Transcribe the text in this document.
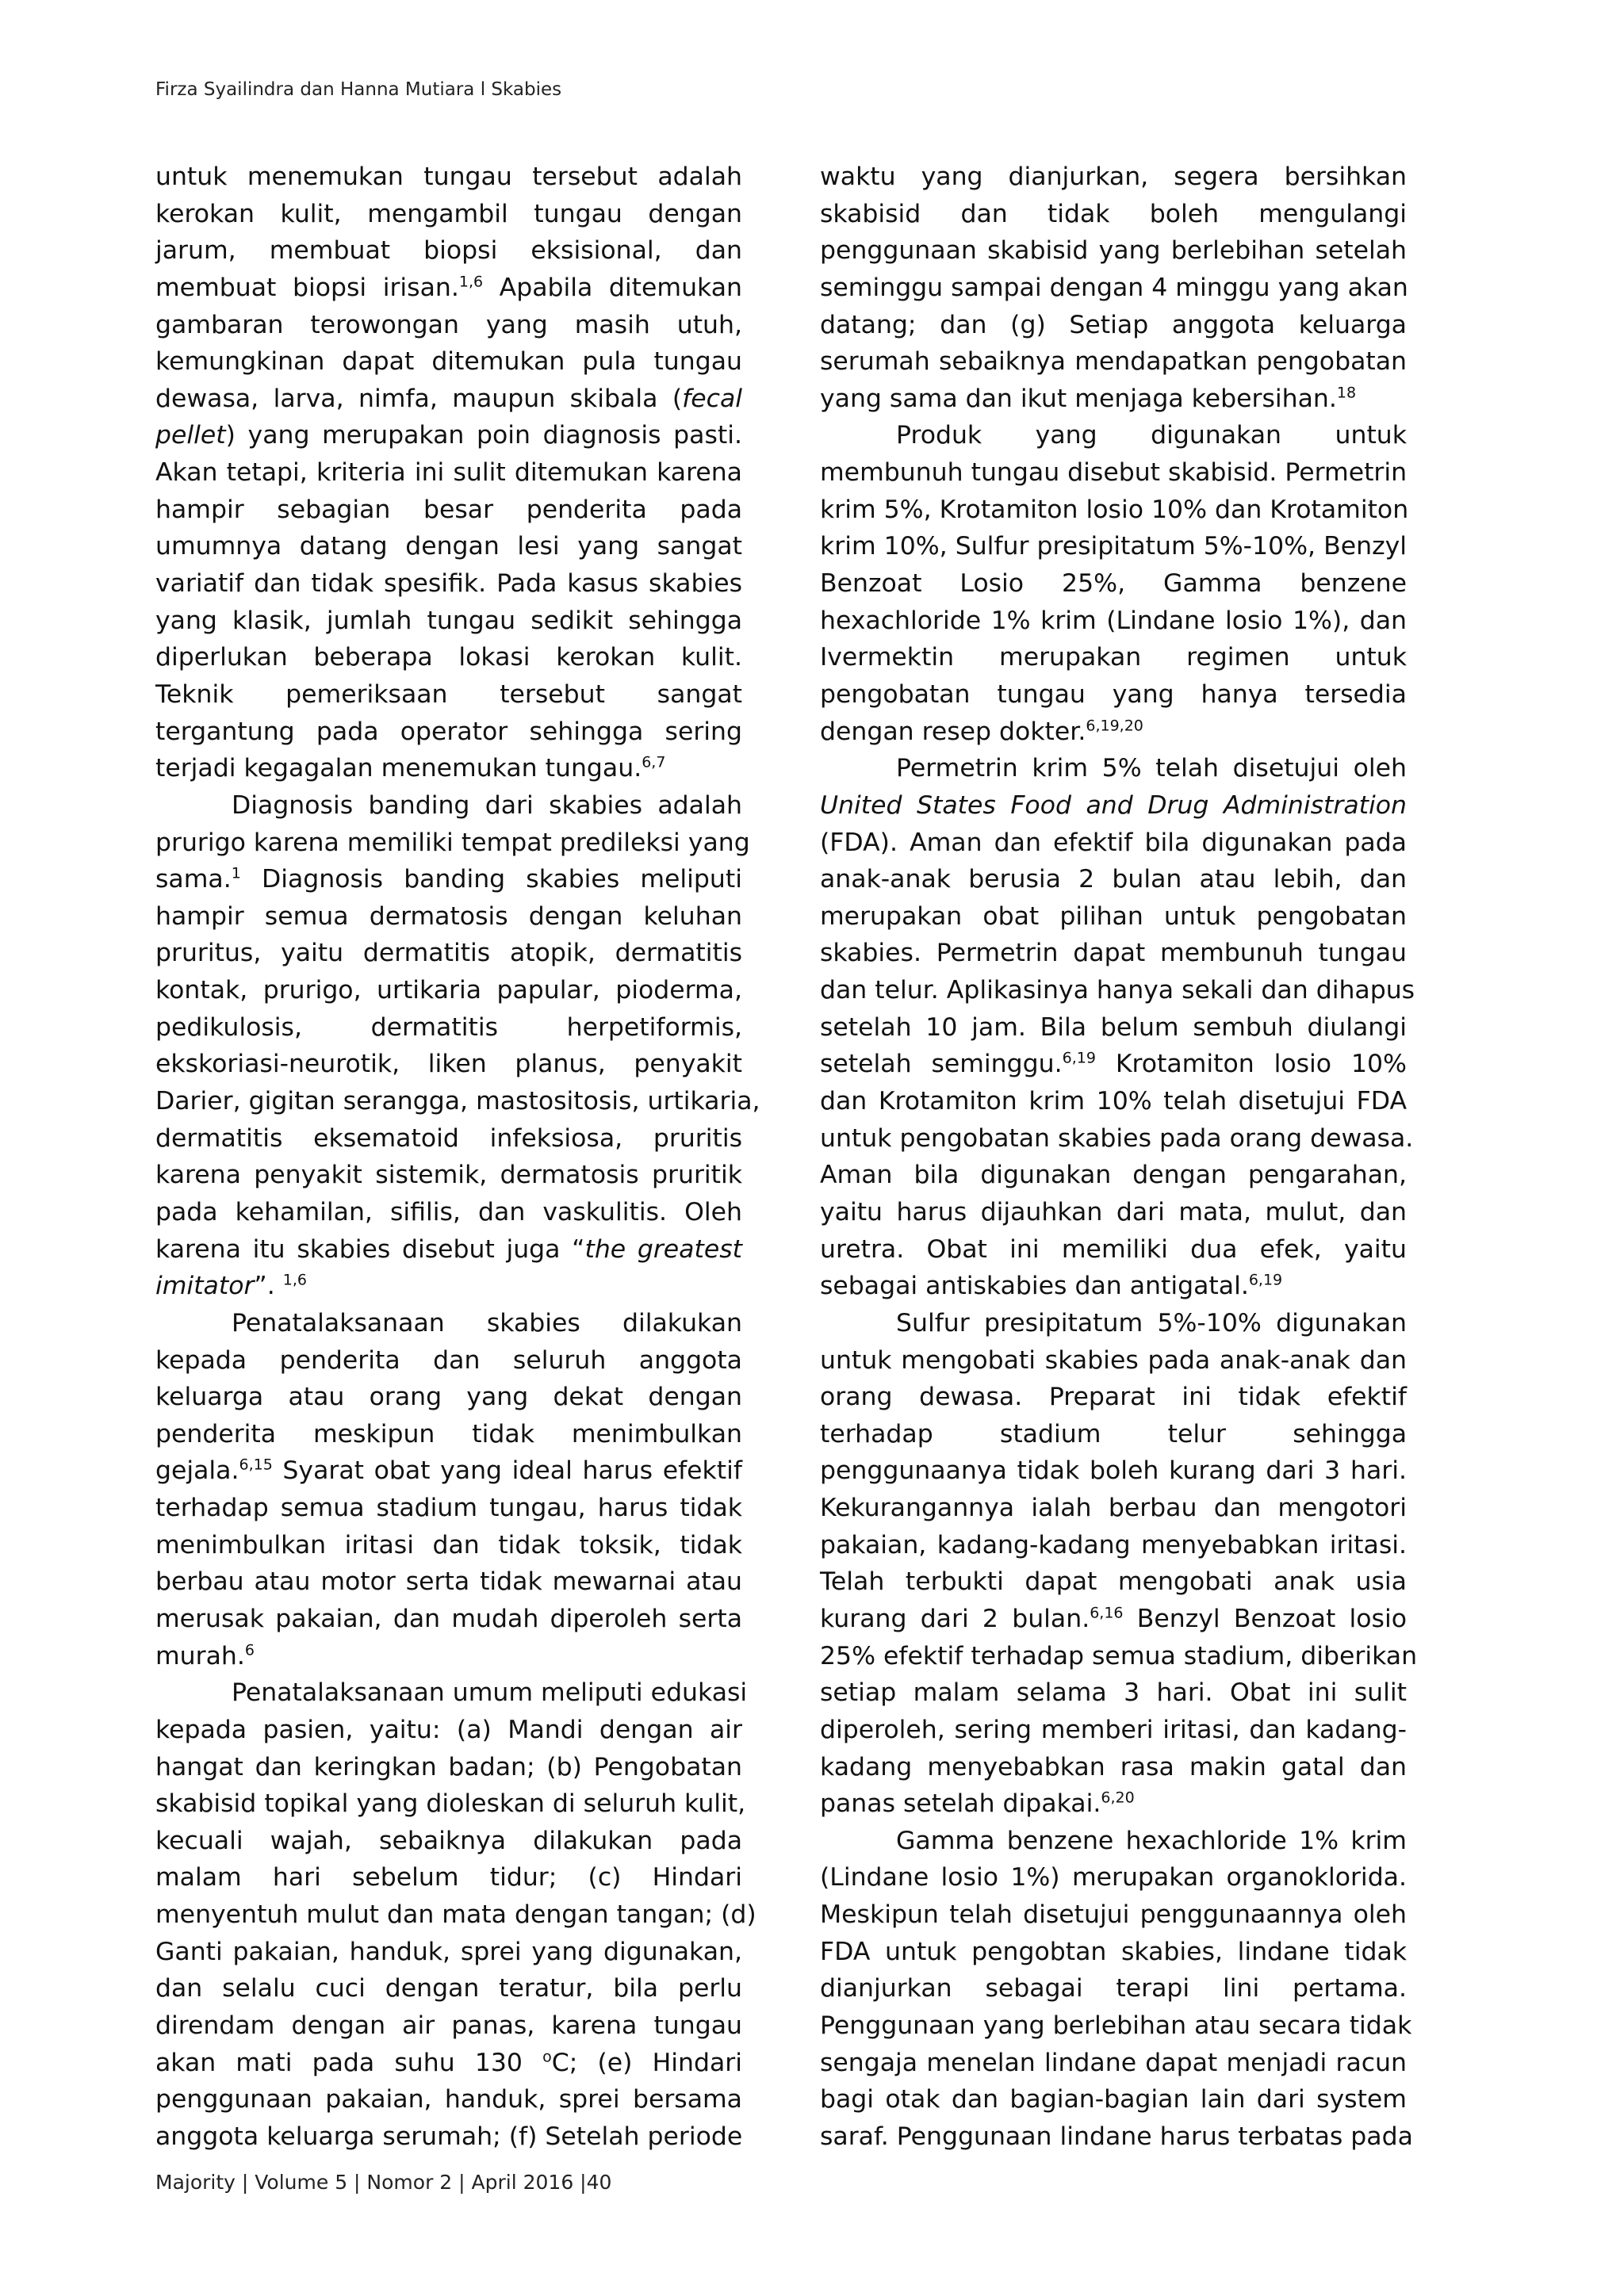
Firza Syailindra dan Hanna Mutiara l Skabies

untuk menemukan tungau tersebut adalah
kerokan kulit, mengambil tungau dengan
jarum, membuat biopsi eksisional, dan
membuat biopsi irisan.$^{1,6}$ Apabila ditemukan
gambaran terowongan yang masih utuh,
kemungkinan dapat ditemukan pula tungau
dewasa, larva, nimfa, maupun skibala (fecal
pellet) yang merupakan poin diagnosis pasti.
Akan tetapi, kriteria ini sulit ditemukan karena
hampir sebagian besar penderita pada
umumnya datang dengan lesi yang sangat
variatif dan tidak spesifik. Pada kasus skabies
yang klasik, jumlah tungau sedikit sehingga
diperlukan beberapa lokasi kerokan kulit.
Teknik pemeriksaan tersebut sangat
tergantung pada operator sehingga sering
terjadi kegagalan menemukan tungau.$^{6,7}$

Diagnosis banding dari skabies adalah
prurigo karena memiliki tempat predileksi yang
sama.$^1$ Diagnosis banding skabies meliputi
hampir semua dermatosis dengan keluhan
pruritus, yaitu dermatitis atopik, dermatitis
kontak, prurigo, urtikaria papular, pioderma,
pedikulosis, dermatitis herpetiformis,
ekskoriasi-neurotik, liken planus, penyakit
Darier, gigitan serangga, mastositosis, urtikaria,
dermatitis eksematoid infeksiosa, pruritis
karena penyakit sistemik, dermatosis pruritik
pada kehamilan, sifilis, dan vaskulitis. Oleh
karena itu skabies disebut juga “the greatest
imitator”. $^{1,6}$

Penatalaksanaan skabies dilakukan
kepada penderita dan seluruh anggota
keluarga atau orang yang dekat dengan
penderita meskipun tidak menimbulkan
gejala.$^{6,15}$ Syarat obat yang ideal harus efektif
terhadap semua stadium tungau, harus tidak
menimbulkan iritasi dan tidak toksik, tidak
berbau atau motor serta tidak mewarnai atau
merusak pakaian, dan mudah diperoleh serta
murah.$^6$

Penatalaksanaan umum meliputi edukasi
kepada pasien, yaitu: (a) Mandi dengan air
hangat dan keringkan badan; (b) Pengobatan
skabisid topikal yang dioleskan di seluruh kulit,
kecuali wajah, sebaiknya dilakukan pada
malam hari sebelum tidur; (c) Hindari
menyentuh mulut dan mata dengan tangan; (d)
Ganti pakaian, handuk, sprei yang digunakan,
dan selalu cuci dengan teratur, bila perlu
direndam dengan air panas, karena tungau
akan mati pada suhu 130 $^o$C; (e) Hindari
penggunaan pakaian, handuk, sprei bersama
anggota keluarga serumah; (f) Setelah periode

waktu yang dianjurkan, segera bersihkan
skabisid dan tidak boleh mengulangi
penggunaan skabisid yang berlebihan setelah
seminggu sampai dengan 4 minggu yang akan
datang; dan (g) Setiap anggota keluarga
serumah sebaiknya mendapatkan pengobatan
yang sama dan ikut menjaga kebersihan.$^{18}$

Produk yang digunakan untuk
membunuh tungau disebut skabisid. Permetrin
krim 5%, Krotamiton losio 10% dan Krotamiton
krim 10%, Sulfur presipitatum 5%-10%, Benzyl
Benzoat Losio 25%, Gamma benzene
hexachloride 1% krim (Lindane losio 1%), dan
Ivermektin merupakan regimen untuk
pengobatan tungau yang hanya tersedia
dengan resep dokter.$^{6,19,20}$

Permetrin krim 5% telah disetujui oleh
United States Food and Drug Administration
(FDA). Aman dan efektif bila digunakan pada
anak-anak berusia 2 bulan atau lebih, dan
merupakan obat pilihan untuk pengobatan
skabies. Permetrin dapat membunuh tungau
dan telur. Aplikasinya hanya sekali dan dihapus
setelah 10 jam. Bila belum sembuh diulangi
setelah seminggu.$^{6,19}$ Krotamiton losio 10%
dan Krotamiton krim 10% telah disetujui FDA
untuk pengobatan skabies pada orang dewasa.
Aman bila digunakan dengan pengarahan,
yaitu harus dijauhkan dari mata, mulut, dan
uretra. Obat ini memiliki dua efek, yaitu
sebagai antiskabies dan antigatal.$^{6,19}$

Sulfur presipitatum 5%-10% digunakan
untuk mengobati skabies pada anak-anak dan
orang dewasa. Preparat ini tidak efektif
terhadap stadium telur sehingga
penggunaanya tidak boleh kurang dari 3 hari.
Kekurangannya ialah berbau dan mengotori
pakaian, kadang-kadang menyebabkan iritasi.
Telah terbukti dapat mengobati anak usia
kurang dari 2 bulan.$^{6,16}$ Benzyl Benzoat losio
25% efektif terhadap semua stadium, diberikan
setiap malam selama 3 hari. Obat ini sulit
diperoleh, sering memberi iritasi, dan kadang-
kadang menyebabkan rasa makin gatal dan
panas setelah dipakai.$^{6,20}$

Gamma benzene hexachloride 1% krim
(Lindane losio 1%) merupakan organoklorida.
Meskipun telah disetujui penggunaannya oleh
FDA untuk pengobtan skabies, lindane tidak
dianjurkan sebagai terapi lini pertama.
Penggunaan yang berlebihan atau secara tidak
sengaja menelan lindane dapat menjadi racun
bagi otak dan bagian-bagian lain dari system
saraf. Penggunaan lindane harus terbatas pada

Majority | Volume 5 | Nomor 2 | April 2016 |40
